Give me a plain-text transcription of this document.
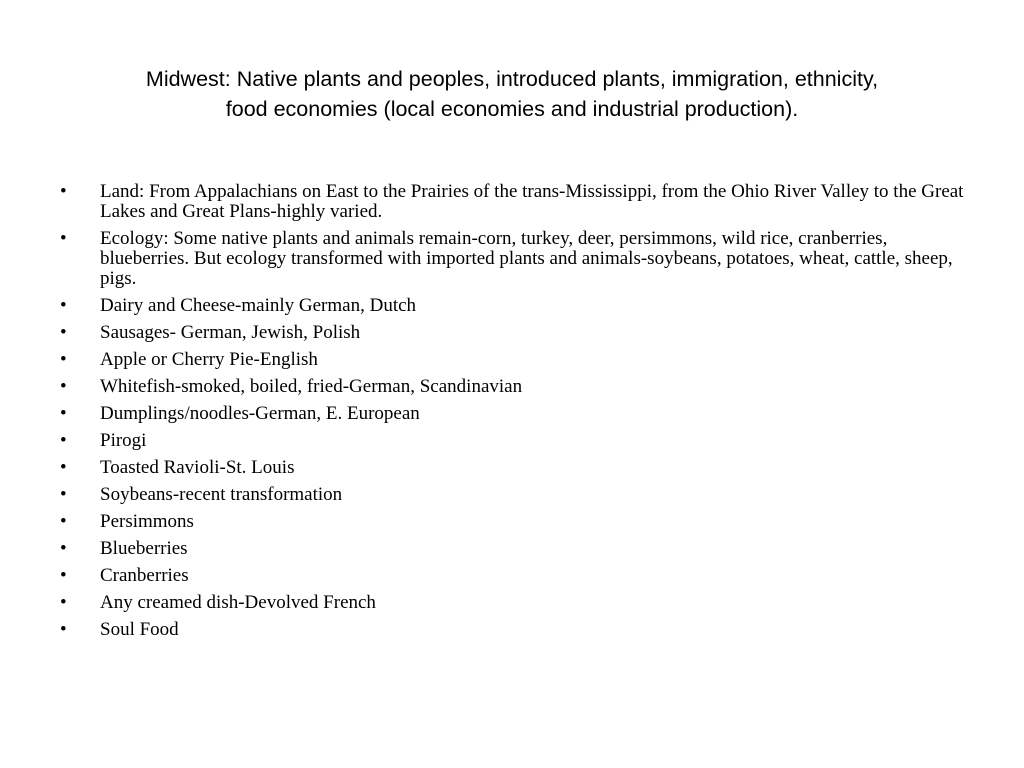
Midwest: Native plants and peoples, introduced plants, immigration, ethnicity,
food economies (local economies and industrial production).
•	Land: From Appalachians on East to the Prairies of the trans-Mississippi, from the Ohio River Valley to the Great Lakes and Great Plans-highly varied.
•	Ecology: Some native plants and animals remain-corn, turkey, deer, persimmons, wild rice, cranberries, blueberries. But ecology transformed with imported plants and animals-soybeans, potatoes, wheat, cattle, sheep, pigs.
•	Dairy and Cheese-mainly German, Dutch
•	Sausages- German, Jewish, Polish
•	Apple or Cherry Pie-English
•	Whitefish-smoked, boiled, fried-German, Scandinavian
•	Dumplings/noodles-German, E. European
•	Pirogi
•	Toasted Ravioli-St. Louis
•	Soybeans-recent transformation
•	Persimmons
•	Blueberries
•	Cranberries
•	Any creamed dish-Devolved French
•	Soul Food
